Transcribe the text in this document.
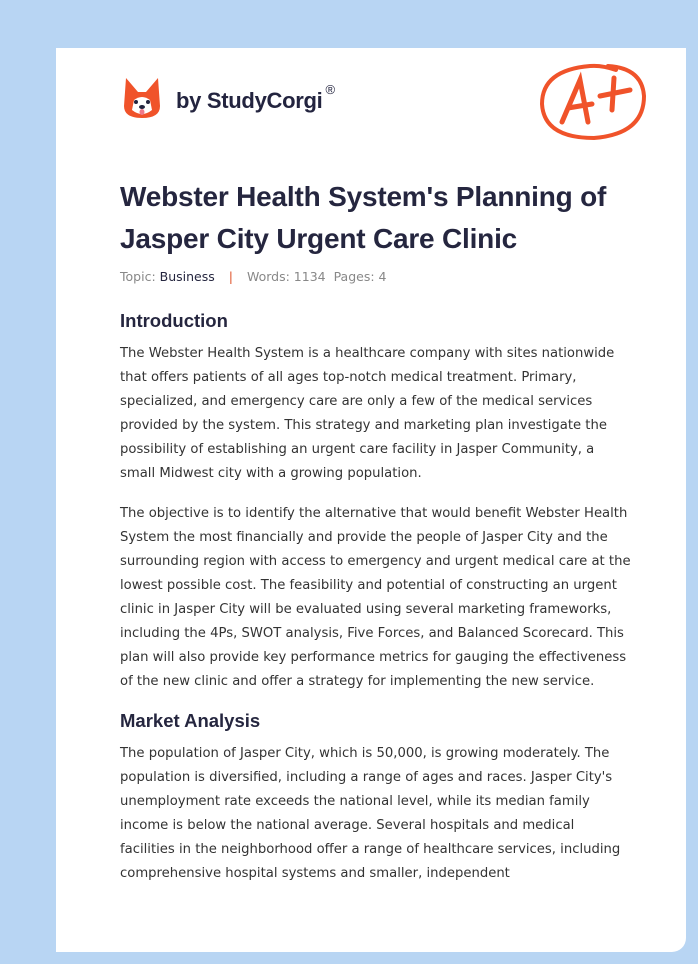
by StudyCorgi ®
Webster Health System's Planning of Jasper City Urgent Care Clinic
Topic: Business | Words: 1134 Pages: 4
Introduction

The Webster Health System is a healthcare company with sites nationwide that offers patients of all ages top-notch medical treatment. Primary, specialized, and emergency care are only a few of the medical services provided by the system. This strategy and marketing plan investigate the possibility of establishing an urgent care facility in Jasper Community, a small Midwest city with a growing population.

The objective is to identify the alternative that would benefit Webster Health System the most financially and provide the people of Jasper City and the surrounding region with access to emergency and urgent medical care at the lowest possible cost. The feasibility and potential of constructing an urgent clinic in Jasper City will be evaluated using several marketing frameworks, including the 4Ps, SWOT analysis, Five Forces, and Balanced Scorecard. This plan will also provide key performance metrics for gauging the effectiveness of the new clinic and offer a strategy for implementing the new service.

Market Analysis

The population of Jasper City, which is 50,000, is growing moderately. The population is diversified, including a range of ages and races. Jasper City's unemployment rate exceeds the national level, while its median family income is below the national average. Several hospitals and medical facilities in the neighborhood offer a range of healthcare services, including comprehensive hospital systems and smaller, independent
